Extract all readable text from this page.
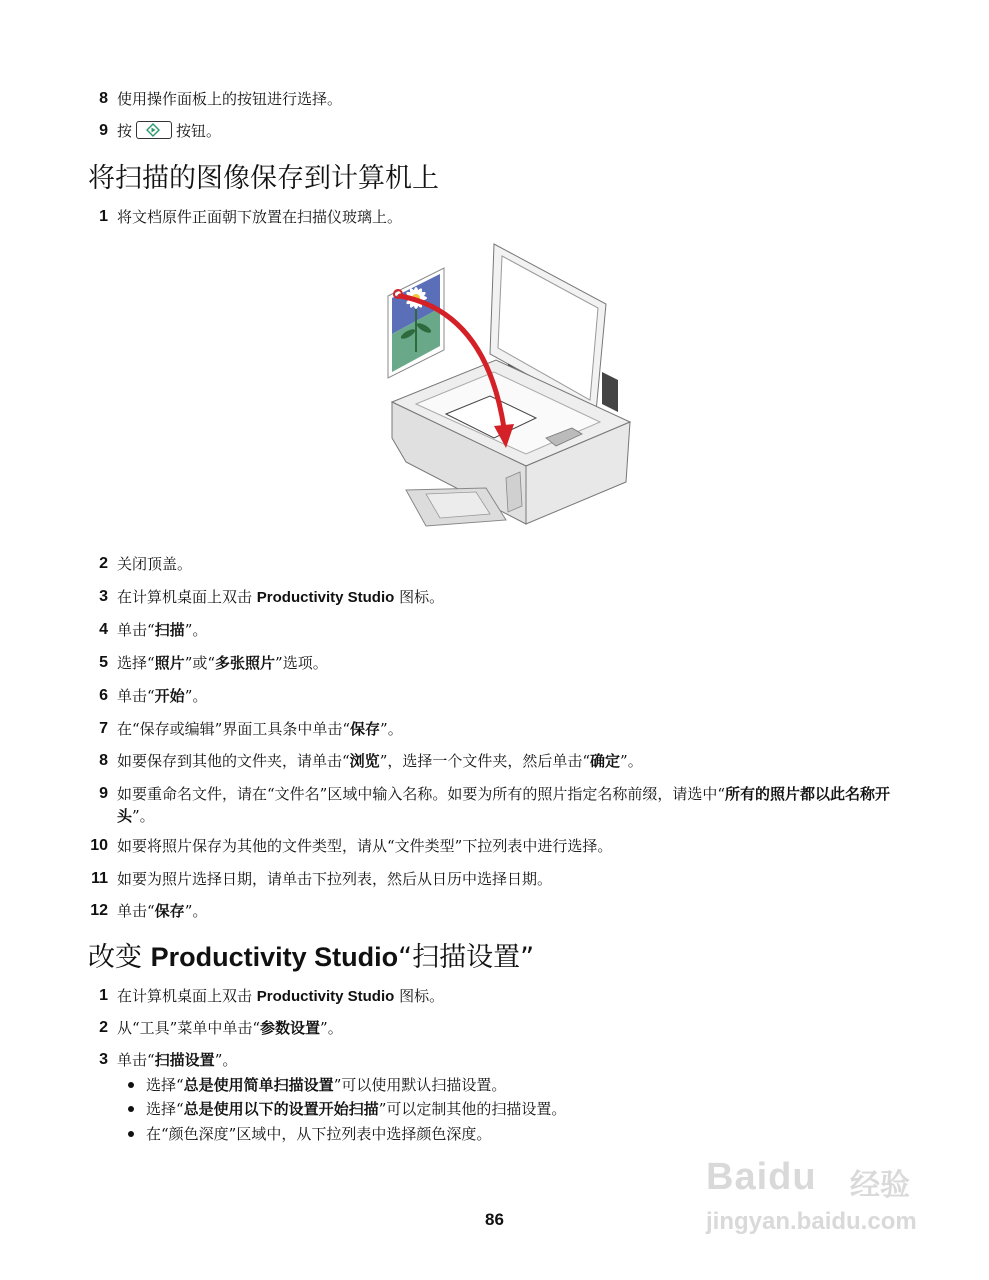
8 使用操作面板上的按钮进行选择。
9 按	按钮。
将扫描的图像保存到计算机上
1 将文档原件正面朝下放置在扫描仪玻璃上。
2 关闭顶盖。
3 在计算机桌面上双击 Productivity Studio 图标。
4 单击“扫描”。
5 选择“照片”或“多张照片”选项。
6 单击“开始”。
7 在“保存或编辑”界面工具条中单击“保存”。
8 如要保存到其他的文件夹，请单击“浏览”，选择一个文件夹，然后单击“确定”。
9 如要重命名文件，请在“文件名”区域中输入名称。如要为所有的照片指定名称前缀，请选中“所有的照片都以此名称开头”。
10 如要将照片保存为其他的文件类型，请从“文件类型”下拉列表中进行选择。
11 如要为照片选择日期，请单击下拉列表，然后从日历中选择日期。
12 单击“保存”。
改变 Productivity Studio“扫描设置”
1 在计算机桌面上双击 Productivity Studio 图标。
2 从“工具”菜单中单击“参数设置”。
3 单击“扫描设置”。
选择“总是使用简单扫描设置”可以使用默认扫描设置。
选择“总是使用以下的设置开始扫描”可以定制其他的扫描设置。
在“颜色深度”区域中，从下拉列表中选择颜色深度。
86
Baidu 经验
jingyan.baidu.com
